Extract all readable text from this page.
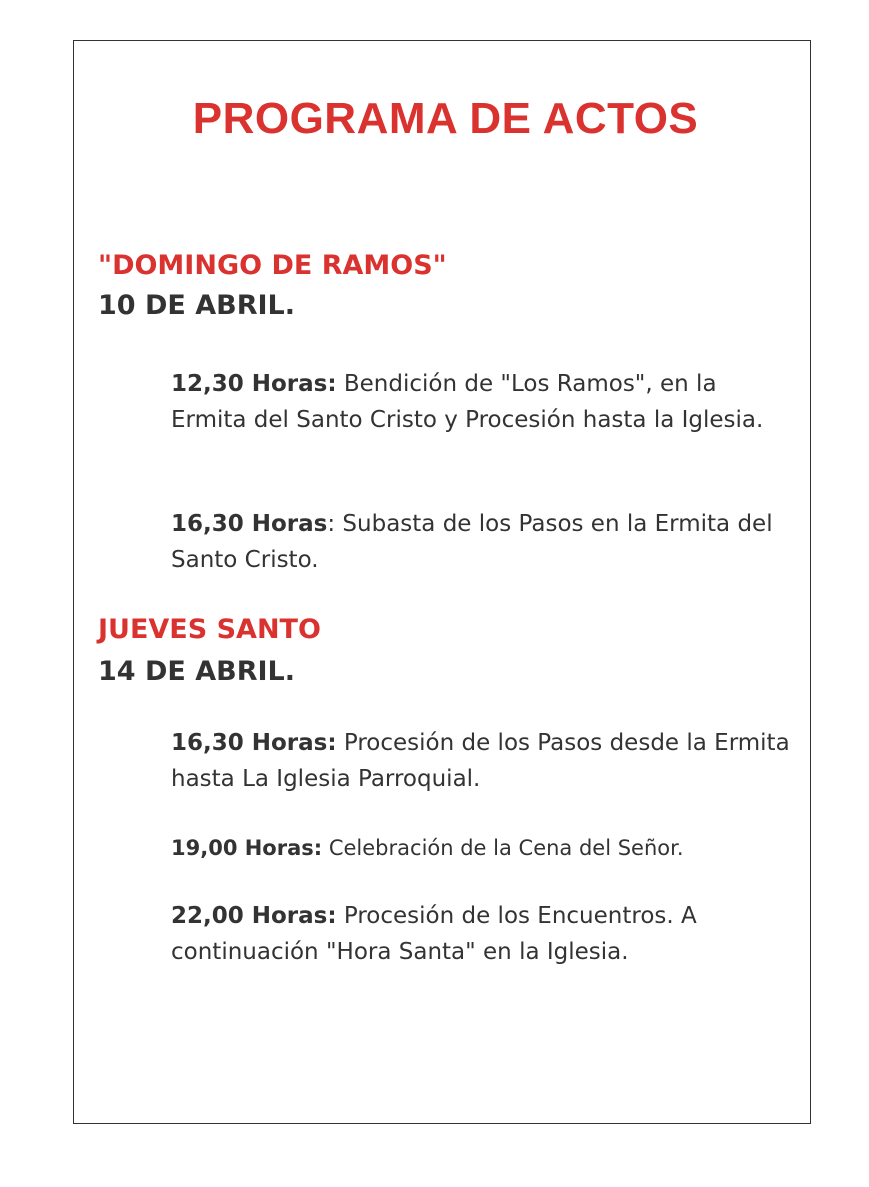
PROGRAMA DE ACTOS
"DOMINGO DE RAMOS"
10 DE ABRIL.

12,30 Horas: Bendición de "Los Ramos", en la Ermita del Santo Cristo y Procesión hasta la Iglesia.

16,30 Horas: Subasta de los Pasos en la Ermita del Santo Cristo.

JUEVES SANTO
14 DE ABRIL.

16,30 Horas: Procesión de los Pasos desde la Ermita hasta La Iglesia Parroquial.

19,00 Horas: Celebración de la Cena del Señor.

22,00 Horas: Procesión de los Encuentros. A continuación "Hora Santa" en la Iglesia.
